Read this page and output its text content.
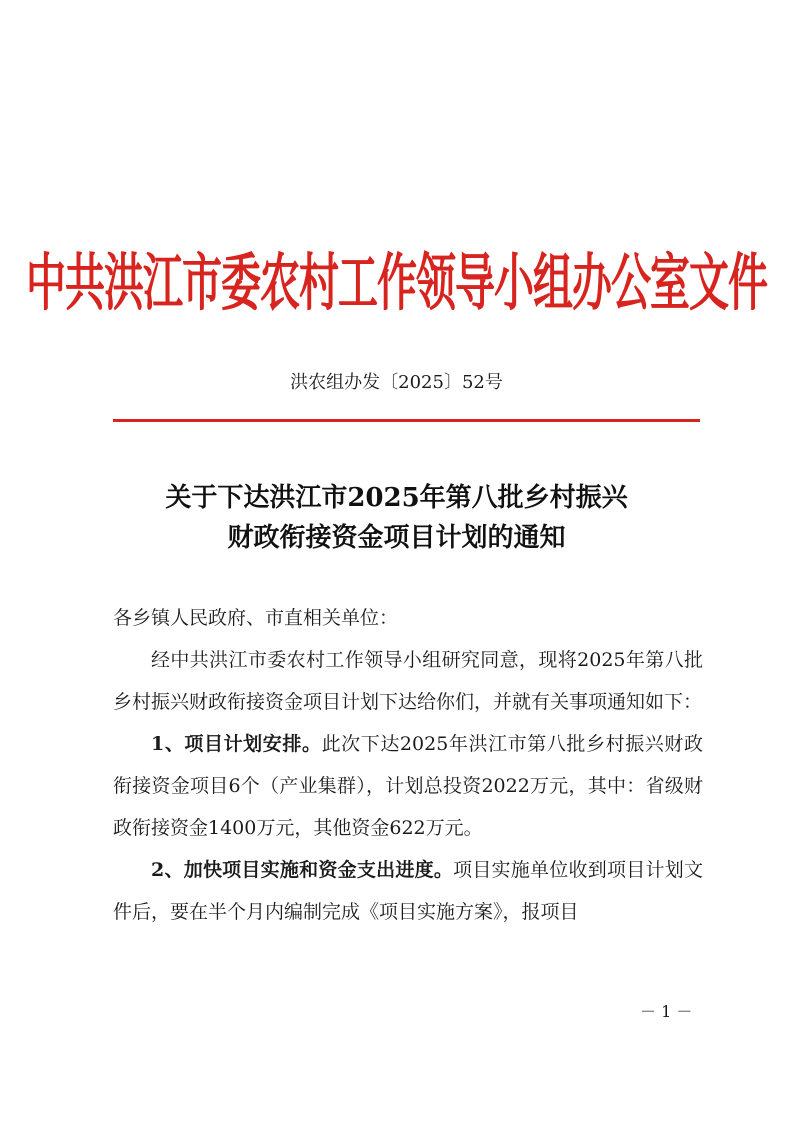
中共洪江市委农村工作领导小组办公室文件
洪农组办发〔2025〕52号
关于下达洪江市2025年第八批乡村振兴
财政衔接资金项目计划的通知

各乡镇人民政府、市直相关单位：

经中共洪江市委农村工作领导小组研究同意，现将2025年第八批乡村振兴财政衔接资金项目计划下达给你们，并就有关事项通知如下：

1、项目计划安排。此次下达2025年洪江市第八批乡村振兴财政衔接资金项目6个（产业集群），计划总投资2022万元，其中：省级财政衔接资金1400万元，其他资金622万元。

2、加快项目实施和资金支出进度。项目实施单位收到项目计划文件后，要在半个月内编制完成《项目实施方案》，报项目

－ 1 －
